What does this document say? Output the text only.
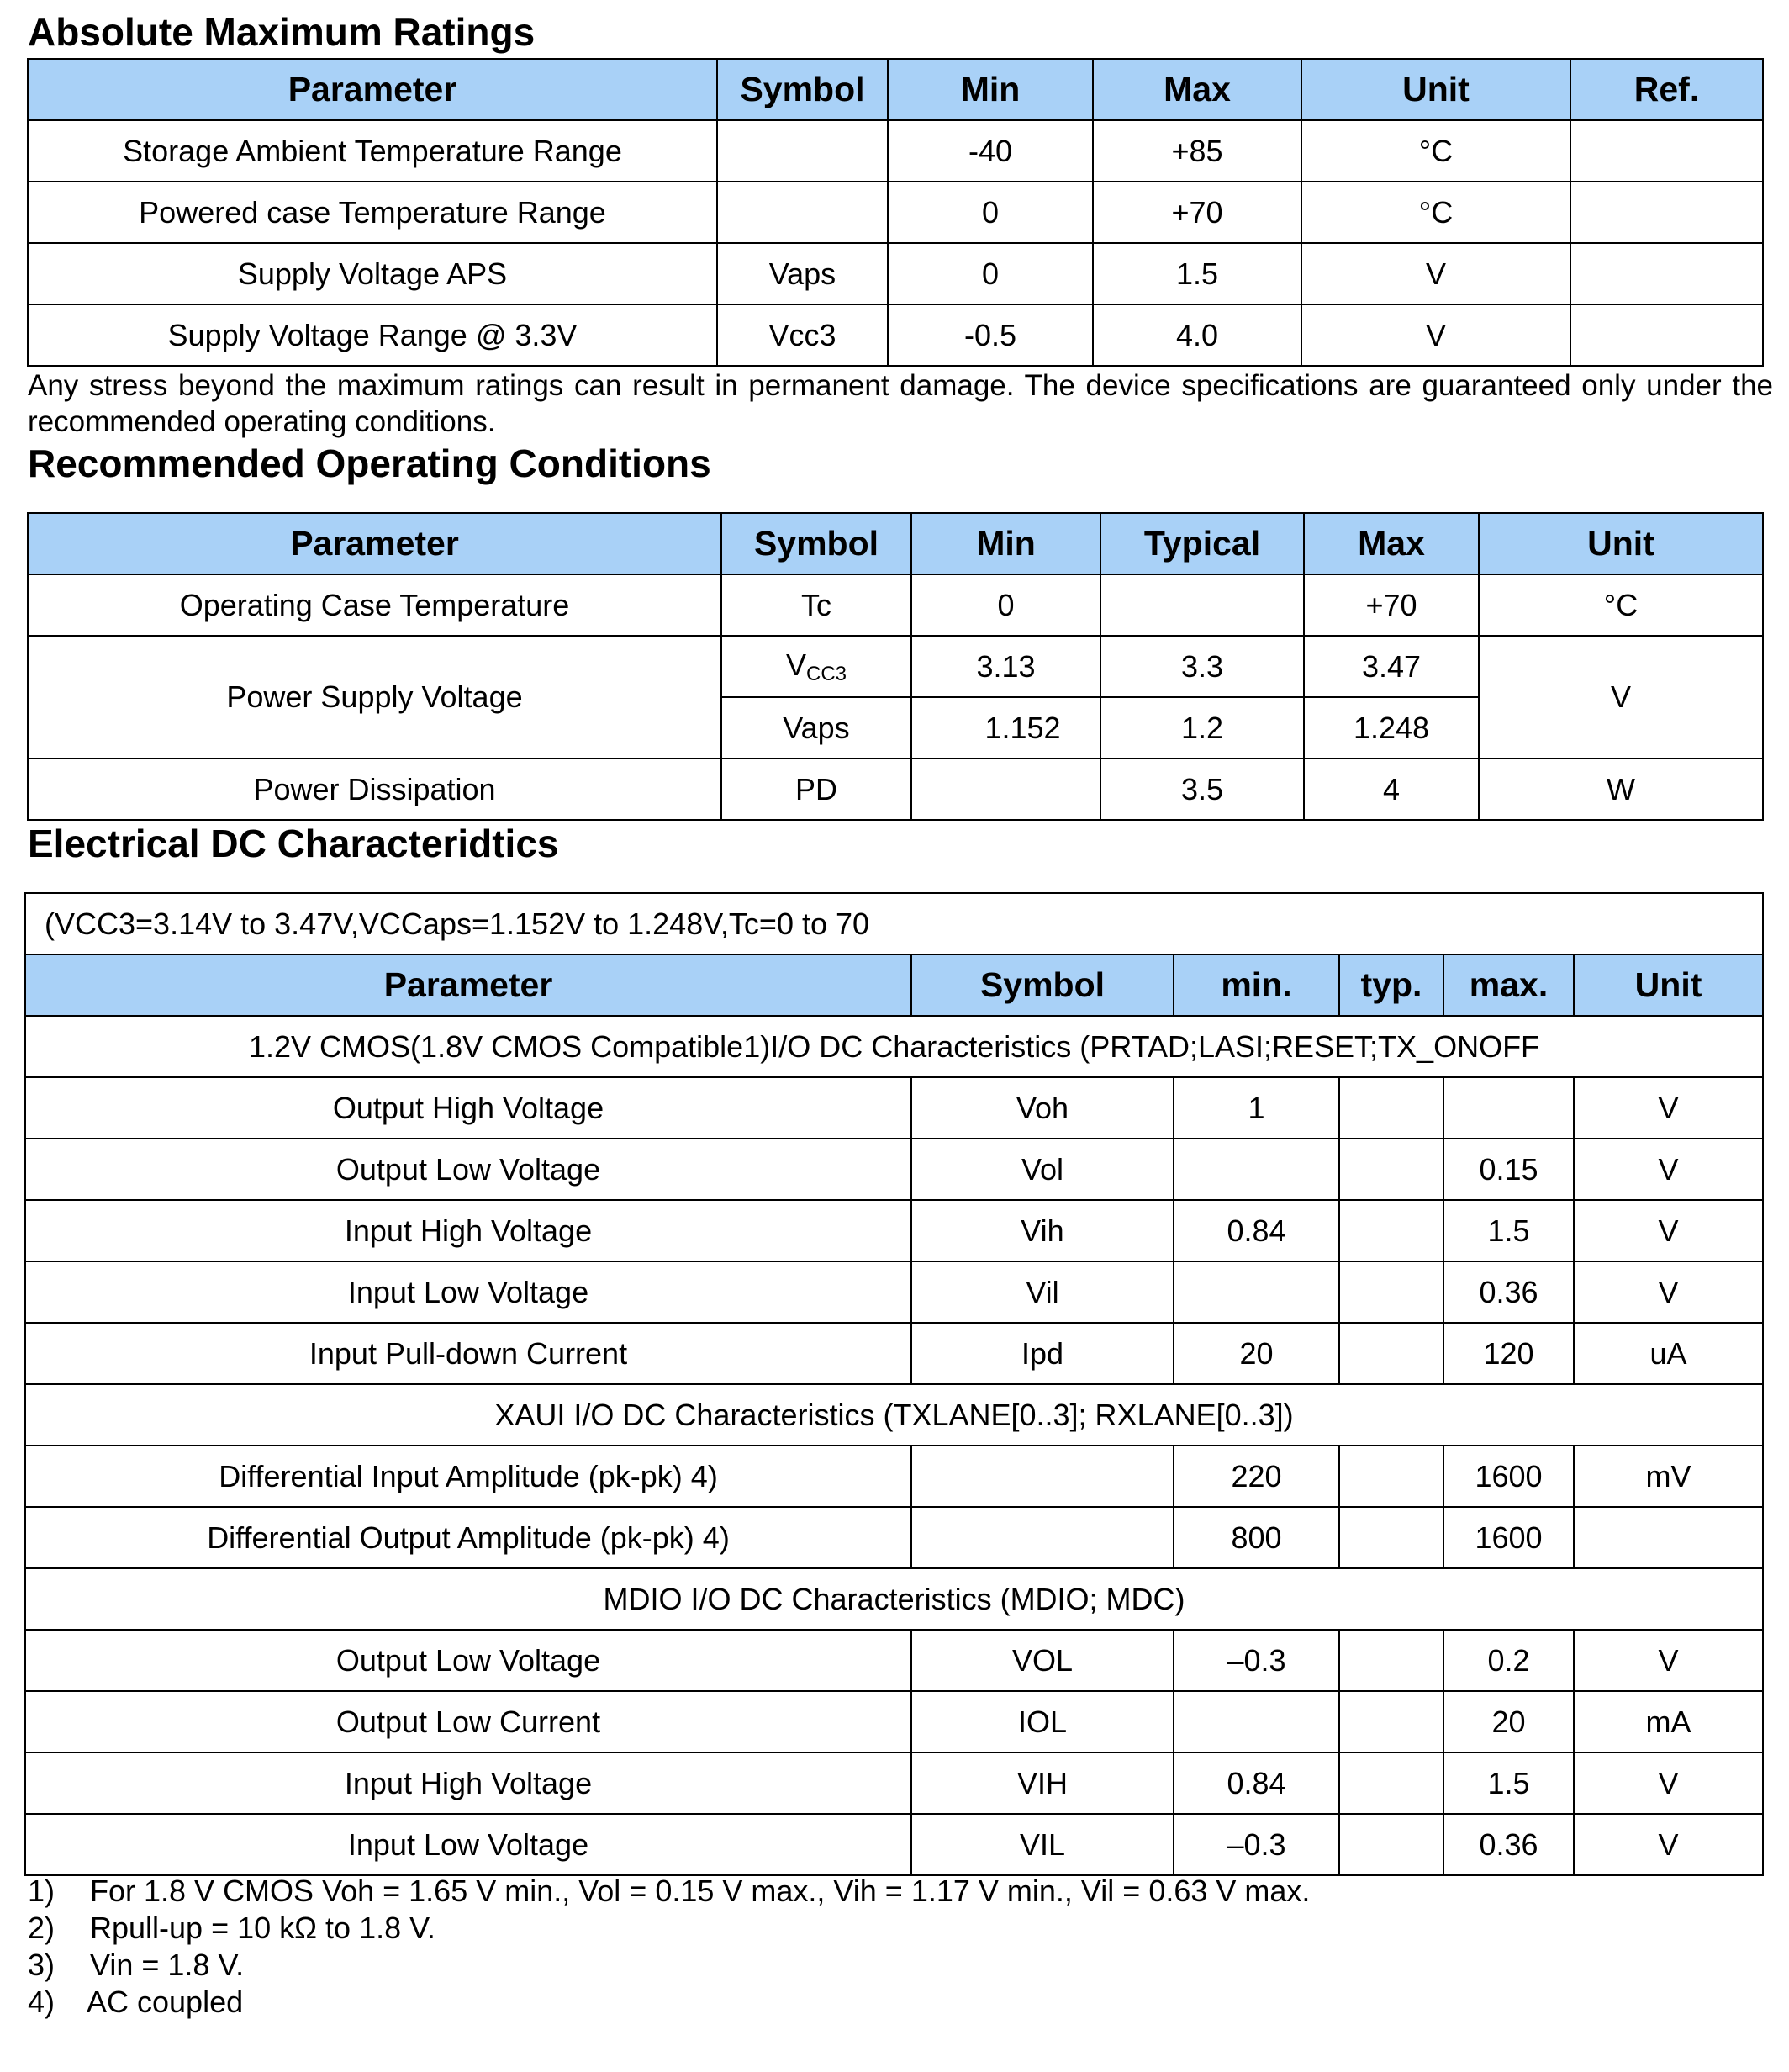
Absolute Maximum Ratings
Parameter	Symbol	Min	Max	Unit	Ref.
Storage Ambient Temperature Range		-40	+85	°C	
Powered case Temperature Range		0	+70	°C	
Supply Voltage APS	Vaps	0	1.5	V	
Supply Voltage Range @ 3.3V	Vcc3	-0.5	4.0	V	

Any stress beyond the maximum ratings can result in permanent damage. The device specifications are guaranteed only under the recommended operating conditions.

Recommended Operating Conditions
Parameter	Symbol	Min	Typical	Max	Unit
Operating Case Temperature	Tc	0		+70	°C
Power Supply Voltage	$V_{CC3}$	3.13	3.3	3.47	V
	Vaps	1.152	1.2	1.248	
Power Dissipation	PD		3.5	4	W
Electrical DC Characteridtics
(VCC3=3.14V to 3.47V,VCCaps=1.152V to 1.248V,Tc=0 to 70					
Parameter	Symbol	min.	typ.	max.	Unit
1.2V CMOS(1.8V CMOS Compatible1)I/O DC Characteristics (PRTAD;LASI;RESET;TX_ONOFF					
Output High Voltage	Voh	1			V
Output Low Voltage	Vol			0.15	V
Input High Voltage	Vih	0.84		1.5	V
Input Low Voltage	Vil			0.36	V
Input Pull-down Current	Ipd	20		120	uA
XAUI I/O DC Characteristics (TXLANE[0..3]; RXLANE[0..3])					
Differential Input Amplitude (pk-pk) 4)		220		1600	mV
Differential Output Amplitude (pk-pk) 4)		800		1600	
MDIO I/O DC Characteristics (MDIO; MDC)					
Output Low Voltage	VOL	–0.3		0.2	V
Output Low Current	IOL			20	mA
Input High Voltage	VIH	0.84		1.5	V
Input Low Voltage	VIL	–0.3		0.36	V
1) For 1.8 V CMOS Voh = 1.65 V min., Vol = 0.15 V max., Vih = 1.17 V min., Vil = 0.63 V max.
2) Rpull-up = 10 kΩ to 1.8 V.
3) Vin = 1.8 V.
4) AC coupled
